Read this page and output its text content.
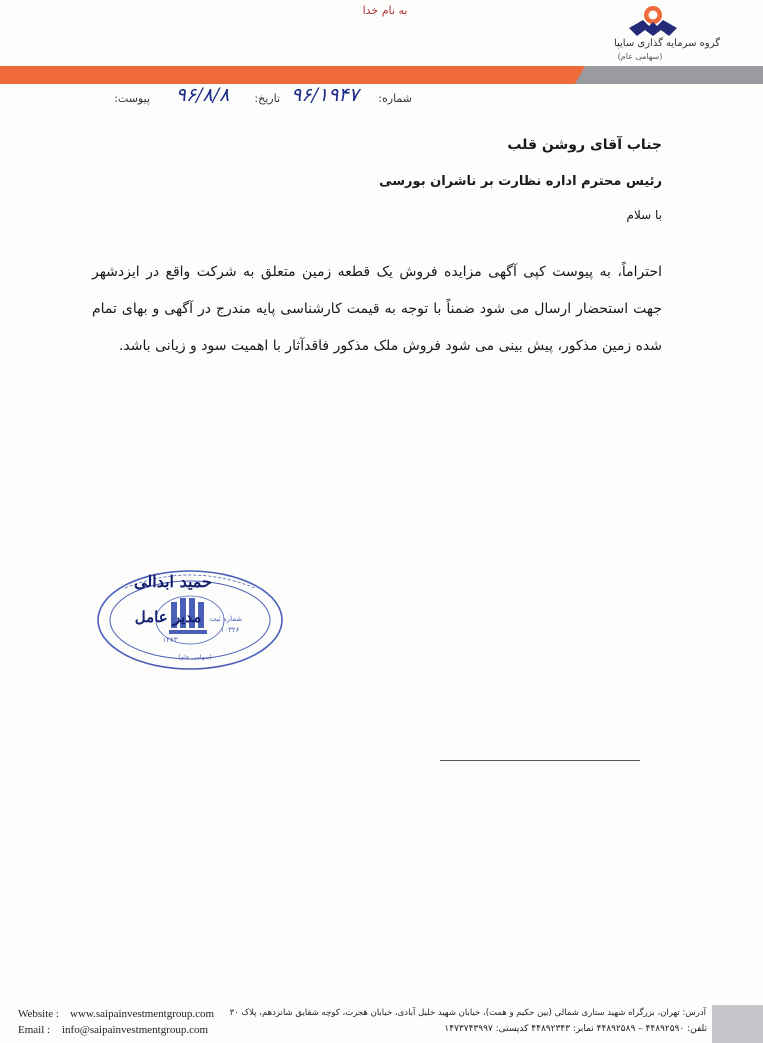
به نام خدا
گروه سرمایه گذاری سایپا
(سهامی عام)
شماره:
۹۶/۱۹۴۷
تاریخ:
۹۶/۸/۸
پیوست:
جناب آقای روشن قلب
رئیس محترم اداره نظارت بر ناشران بورسی
با سلام
احتراماً، به پیوست کپی آگهی مزایده فروش یک قطعه زمین متعلق به شرکت واقع در ایزدشهر جهت استحضار ارسال می شود ضمناً با توجه به قیمت کارشناسی پایه مندرج در آگهی و بهای تمام شده زمین مذکور، پیش بینی می شود فروش ملک مذکور فاقدآثار با اهمیت سود و زیانی باشد.
شماره ثبت
۱۰۳۲۶
۱۳۶۳
(سهامی عام)
حمید ابدالی
مدیر عامل
Website : www.saipainvestmentgroup.com
Email : info@saipainvestmentgroup.com
آدرس: تهران، بزرگراه شهید ستاری شمالی (بین حکیم و همت)، خیابان شهید خلیل آبادی، خیابان هجرت، کوچه شقایق شانزدهم، پلاک ۳۰
تلفن: ۴۴۸۹۲۵۹۰ – ۴۴۸۹۲۵۸۹ نمابر: ۴۴۸۹۲۳۴۳ کدپستی: ۱۴۷۳۷۴۳۹۹۷
